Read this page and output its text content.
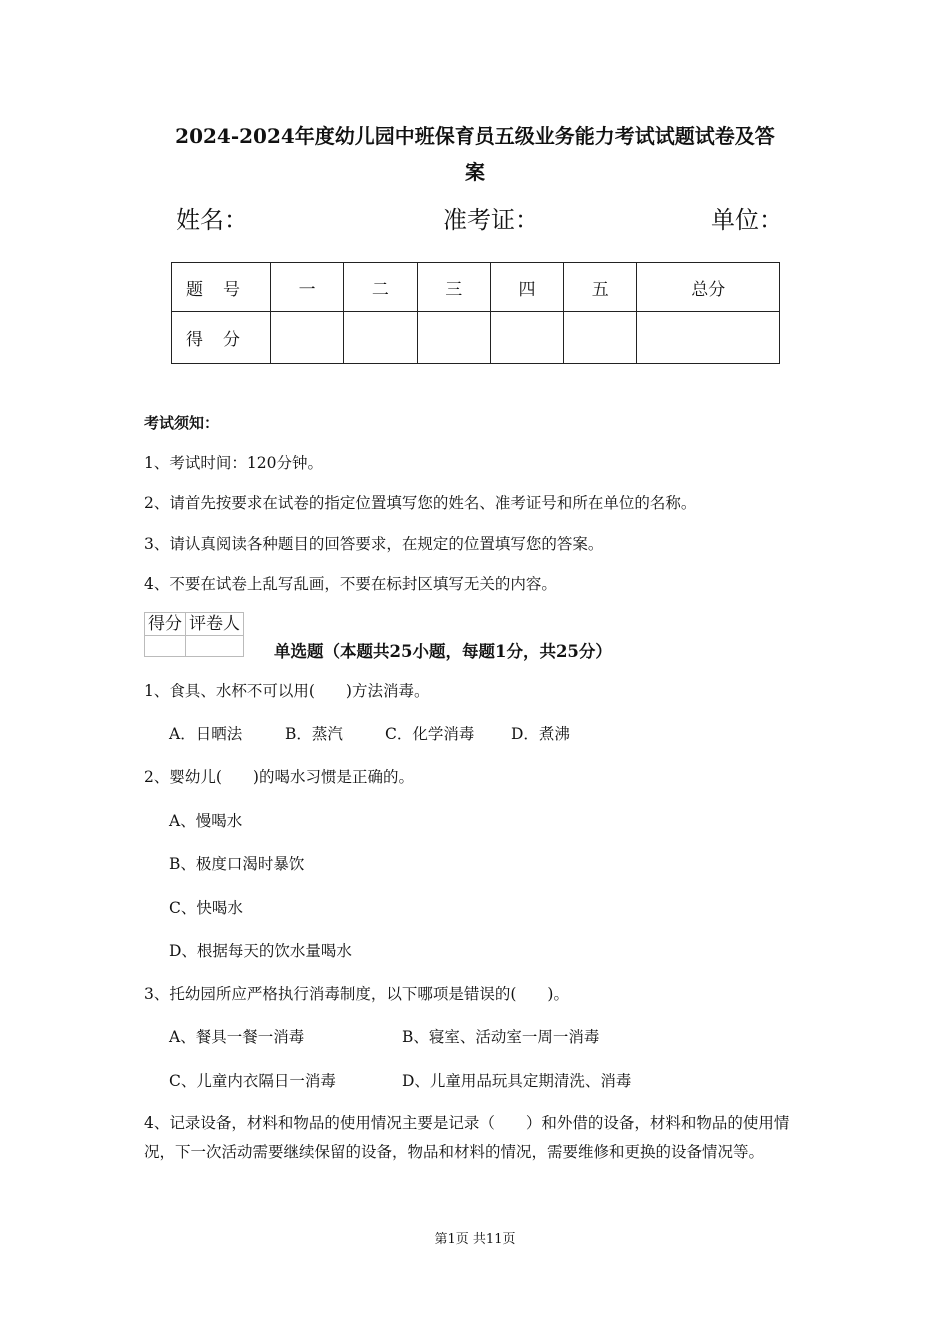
2024-2024年度幼儿园中班保育员五级业务能力考试试题试卷及答
案
姓名：	准考证：	单位：
题号	一	二	三	四	五	总分
得分						
考试须知：
1、考试时间：120分钟。
2、请首先按要求在试卷的指定位置填写您的姓名、准考证号和所在单位的名称。
3、请认真阅读各种题目的回答要求，在规定的位置填写您的答案。
4、不要在试卷上乱写乱画，不要在标封区填写无关的内容。
得分	评卷人

单选题（本题共25小题，每题1分，共25分）
1、食具、水杯不可以用(　　)方法消毒。
A．日晒法	B．蒸汽	C．化学消毒 D．煮沸
2、婴幼儿(　　)的喝水习惯是正确的。
A、慢喝水
B、极度口渴时暴饮
C、快喝水
D、根据每天的饮水量喝水
3、托幼园所应严格执行消毒制度，以下哪项是错误的(　　)。
A、餐具一餐一消毒	B、寝室、活动室一周一消毒
C、儿童内衣隔日一消毒	D、儿童用品玩具定期清洗、消毒
4、记录设备，材料和物品的使用情况主要是记录（　　）和外借的设备，材料和物品的使用情况，下一次活动需要继续保留的设备，物品和材料的情况，需要维修和更换的设备情况等。
第1页 共11页
